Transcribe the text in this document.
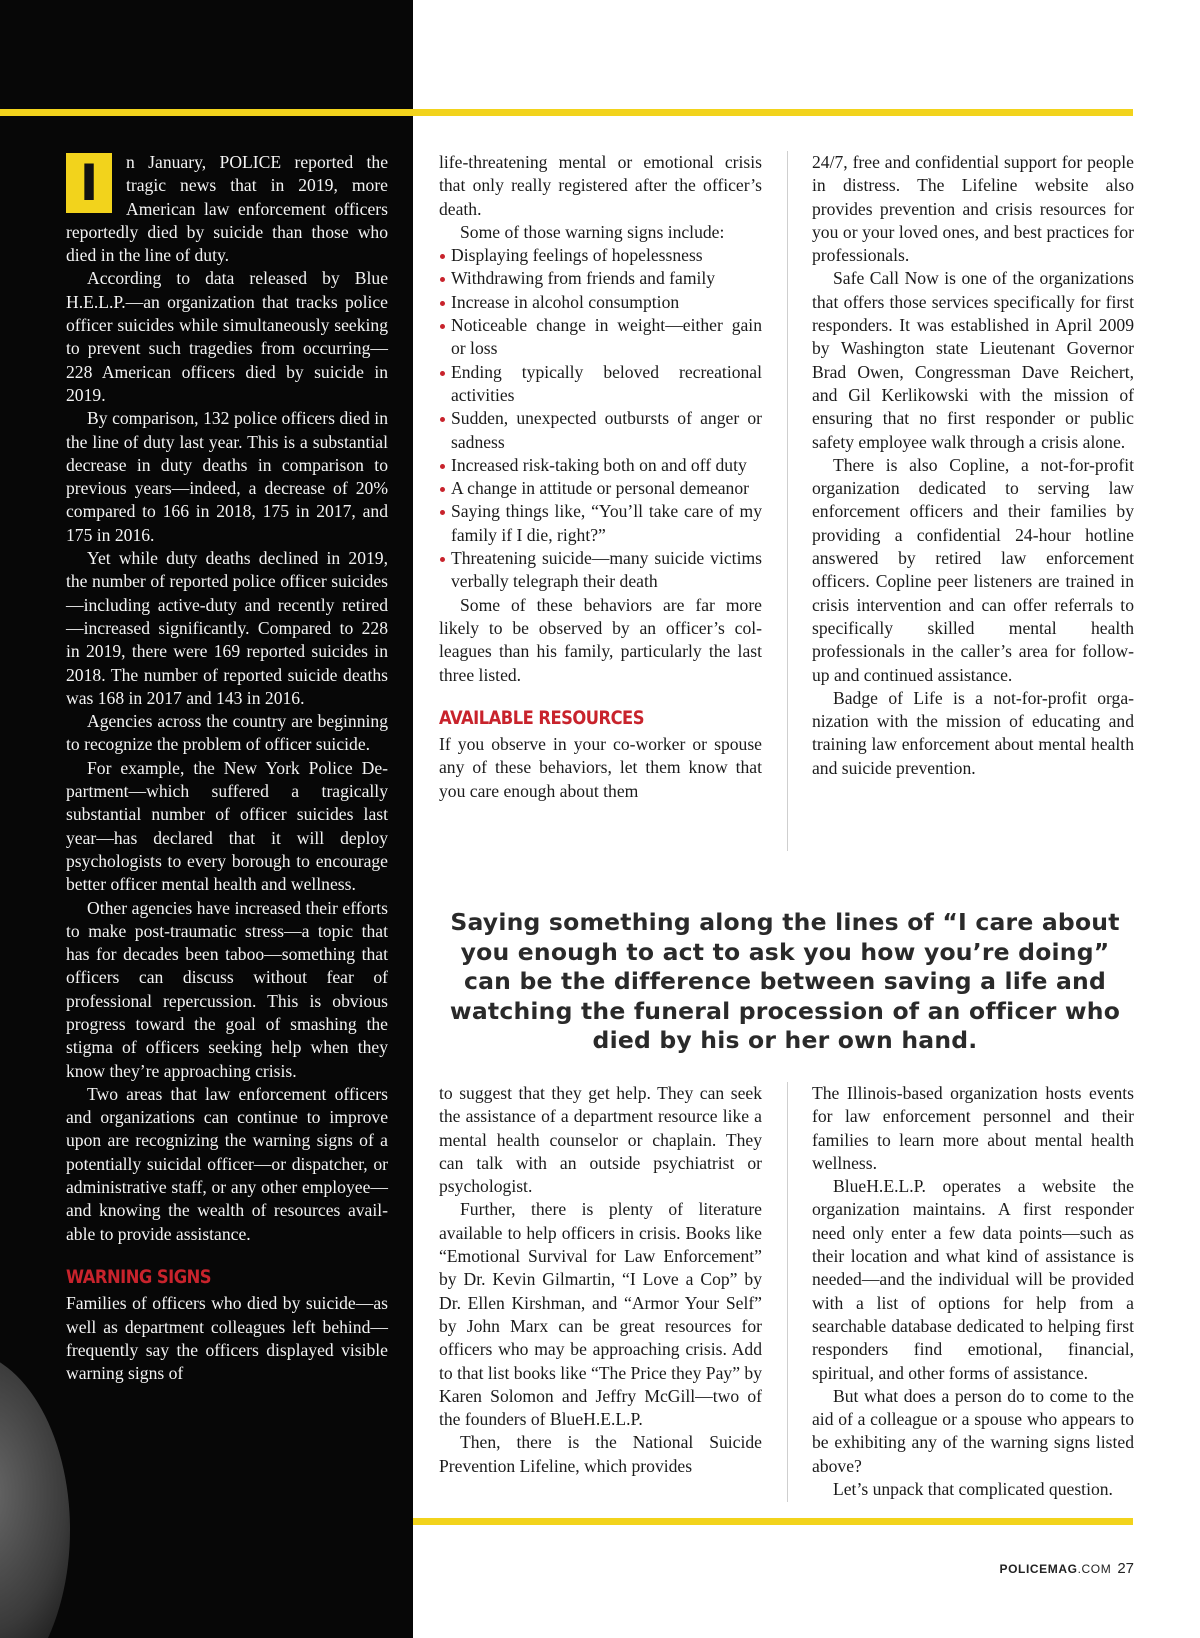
I	n January, POLICE reported the tragic news that in 2019, more American law enforcement officers reportedly died by suicide than those who died in the line of duty.

According to data released by Blue H.E.L.P.—an organization that tracks police officer suicides while simultaneously seeking to prevent such tragedies from occurring—228 American officers died by suicide in 2019.

By comparison, 132 police officers died in the line of duty last year. This is a substantial decrease in duty deaths in comparison to previous years—indeed, a decrease of 20% compared to 166 in 2018, 175 in 2017, and 175 in 2016.

Yet while duty deaths declined in 2019, the number of reported police officer suicides—including active-duty and recently retired—increased significantly. Compared to 228 in 2019, there were 169 reported suicides in 2018. The number of reported suicide deaths was 168 in 2017 and 143 in 2016.

Agencies across the country are beginning to recognize the problem of officer suicide.

For example, the New York Police Department—which suffered a tragically substantial number of officer suicides last year—has declared that it will deploy psychologists to every borough to encourage better officer mental health and wellness.

Other agencies have increased their efforts to make post-traumatic stress—a topic that has for decades been taboo—something that officers can discuss without fear of professional repercussion. This is obvious progress toward the goal of smashing the stigma of officers seeking help when they know they’re approaching crisis.

Two areas that law enforcement officers and organizations can continue to improve upon are recognizing the warning signs of a potentially suicidal officer—or dispatcher, or administrative staff, or any other employee—and knowing the wealth of resources available to provide assistance.

WARNING SIGNS

Families of officers who died by suicide—as well as department colleagues left behind—frequently say the officers displayed visible warning signs of

life-threatening mental or emotional crisis that only really registered after the officer’s death.

Some of those warning signs include:

Displaying feelings of hopelessness
Withdrawing from friends and family
Increase in alcohol consumption
Noticeable change in weight—either gain or loss
Ending typically beloved recreational activities
Sudden, unexpected outbursts of anger or sadness
Increased risk-taking both on and off duty
A change in attitude or personal demeanor
Saying things like, “You’ll take care of my family if I die, right?”
Threatening suicide—many suicide victims verbally telegraph their death

Some of these behaviors are far more likely to be observed by an officer’s colleagues than his family, particularly the last three listed.

AVAILABLE RESOURCES

If you observe in your co-worker or spouse any of these behaviors, let them know that you care enough about them

24/7, free and confidential support for people in distress. The Lifeline website also provides prevention and crisis resources for you or your loved ones, and best practices for professionals.

Safe Call Now is one of the organizations that offers those services specifically for first responders. It was established in April 2009 by Washington state Lieutenant Governor Brad Owen, Congressman Dave Reichert, and Gil Kerlikowski with the mission of ensuring that no first responder or public safety employee walk through a crisis alone.

There is also Copline, a not-for-profit organization dedicated to serving law enforcement officers and their families by providing a confidential 24-hour hotline answered by retired law enforcement officers. Copline peer listeners are trained in crisis intervention and can offer referrals to specifically skilled mental health professionals in the caller’s area for follow-up and continued assistance.

Badge of Life is a not-for-profit organization with the mission of educating and training law enforcement about mental health and suicide prevention.

Saying something along the lines of “I care about you enough to act to ask you how you’re doing” can be the difference between saving a life and watching the funeral procession of an officer who died by his or her own hand.

to suggest that they get help. They can seek the assistance of a department resource like a mental health counselor or chaplain. They can talk with an outside psychiatrist or psychologist.

Further, there is plenty of literature available to help officers in crisis. Books like “Emotional Survival for Law Enforcement” by Dr. Kevin Gilmartin, “I Love a Cop” by Dr. Ellen Kirshman, and “Armor Your Self” by John Marx can be great resources for officers who may be approaching crisis. Add to that list books like “The Price they Pay” by Karen Solomon and Jeffry McGill—two of the founders of BlueH.E.L.P.

Then, there is the National Suicide Prevention Lifeline, which provides

The Illinois-based organization hosts events for law enforcement personnel and their families to learn more about mental health wellness.

BlueH.E.L.P. operates a website the organization maintains. A first responder need only enter a few data points—such as their location and what kind of assistance is needed—and the individual will be provided with a list of options for help from a searchable database dedicated to helping first responders find emotional, financial, spiritual, and other forms of assistance.

But what does a person do to come to the aid of a colleague or a spouse who appears to be exhibiting any of the warning signs listed above?

Let’s unpack that complicated question.

POLICEMAG.COM 27
